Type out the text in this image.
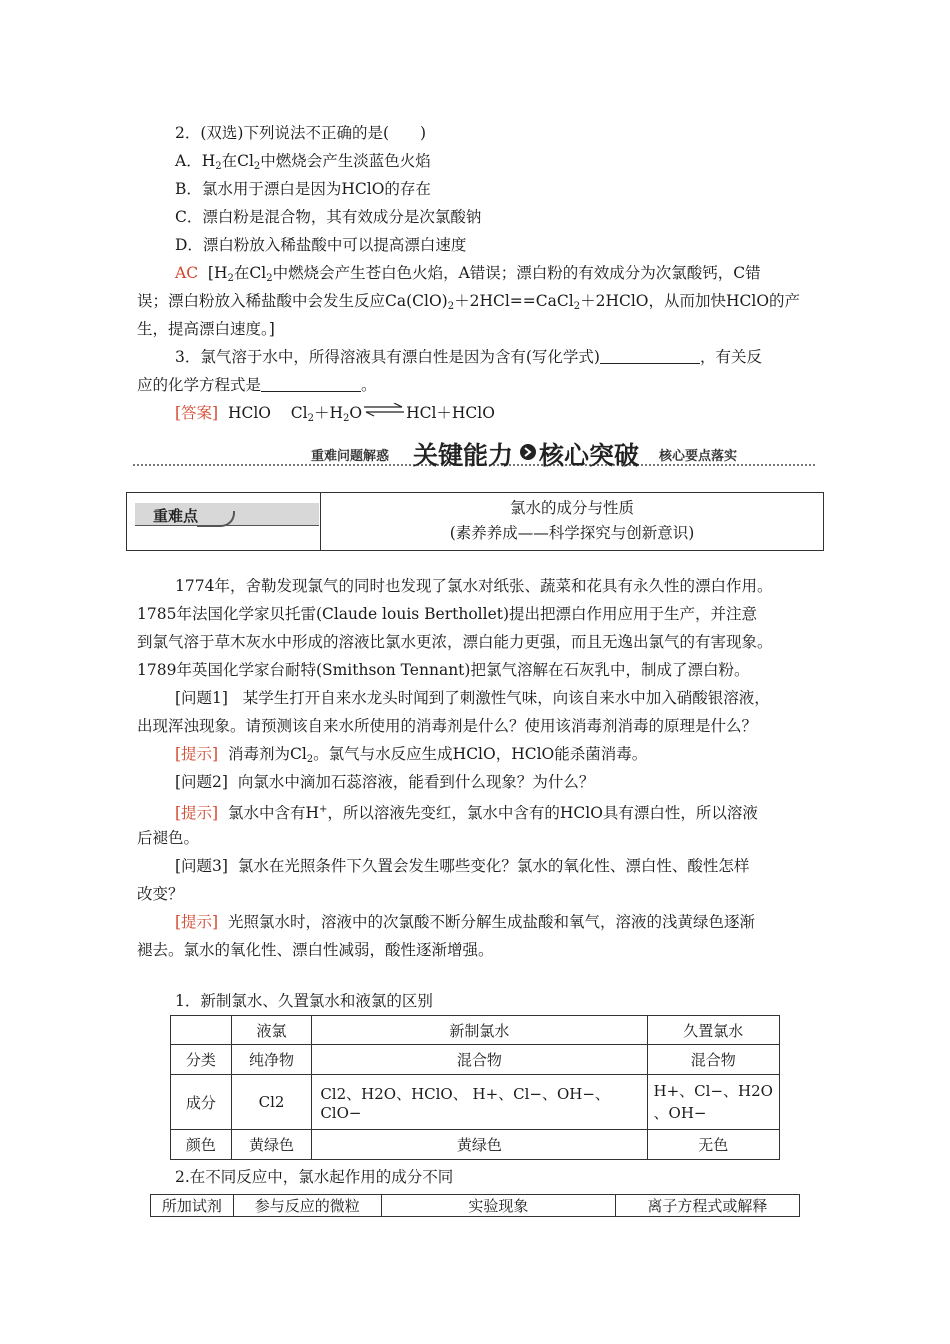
2．(双选)下列说法不正确的是(　　)
A．$H_2$在$Cl_2$中燃烧会产生淡蓝色火焰
B．氯水用于漂白是因为HClO的存在
C．漂白粉是混合物，其有效成分是次氯酸钠
D．漂白粉放入稀盐酸中可以提高漂白速度
AC [$H_2$在$Cl_2$中燃烧会产生苍白色火焰，A错误；漂白粉的有效成分为次氯酸钙，C错
误；漂白粉放入稀盐酸中会发生反应$Ca(ClO)_2+2HCl==CaCl_2+2HClO$，从而加快HClO的产
生，提高漂白速度。]
3．氯气溶于水中，所得溶液具有漂白性是因为含有(写化学式)	，有关反
应的化学方程式是	。
[答案] HClO $Cl_2+H_2O\rightleftharpoons HCl+HClO$
重难问题解惑 关键能力 核心突破 核心要点落实
重难点	氯水的成分与性质
(素养养成——科学探究与创新意识)
1774年，舍勒发现氯气的同时也发现了氯水对纸张、蔬菜和花具有永久性的漂白作用。
1785年法国化学家贝托雷(Claude louis Berthollet)提出把漂白作用应用于生产，并注意
到氯气溶于草木灰水中形成的溶液比氯水更浓，漂白能力更强，而且无逸出氯气的有害现象。
1789年英国化学家台耐特(Smithson Tennant)把氯气溶解在石灰乳中，制成了漂白粉。
[问题1] 某学生打开自来水龙头时闻到了刺激性气味，向该自来水中加入硝酸银溶液，
出现浑浊现象。请预测该自来水所使用的消毒剂是什么？使用该消毒剂消毒的原理是什么？
[提示] 消毒剂为$Cl_2$。氯气与水反应生成HClO，HClO能杀菌消毒。
[问题2] 向氯水中滴加石蕊溶液，能看到什么现象？为什么？
[提示] 氯水中含有H+，所以溶液先变红，氯水中含有的HClO具有漂白性，所以溶液
后褪色。
[问题3] 氯水在光照条件下久置会发生哪些变化？氯水的氧化性、漂白性、酸性怎样
改变？
[提示] 光照氯水时，溶液中的次氯酸不断分解生成盐酸和氧气，溶液的浅黄绿色逐渐
褪去。氯水的氧化性、漂白性减弱，酸性逐渐增强。
1．新制氯水、久置氯水和液氯的区别
	液氯	新制氯水	久置氯水
分类	纯净物	混合物	混合物
成分	Cl2	Cl2、H2O、HClO、 H+、Cl−、OH−、ClO−	H+、Cl−、H2O
、OH−

颜色	黄绿色	黄绿色	无色
2.在不同反应中，氯水起作用的成分不同
所加试剂	参与反应的微粒	实验现象	离子方程式或解释
